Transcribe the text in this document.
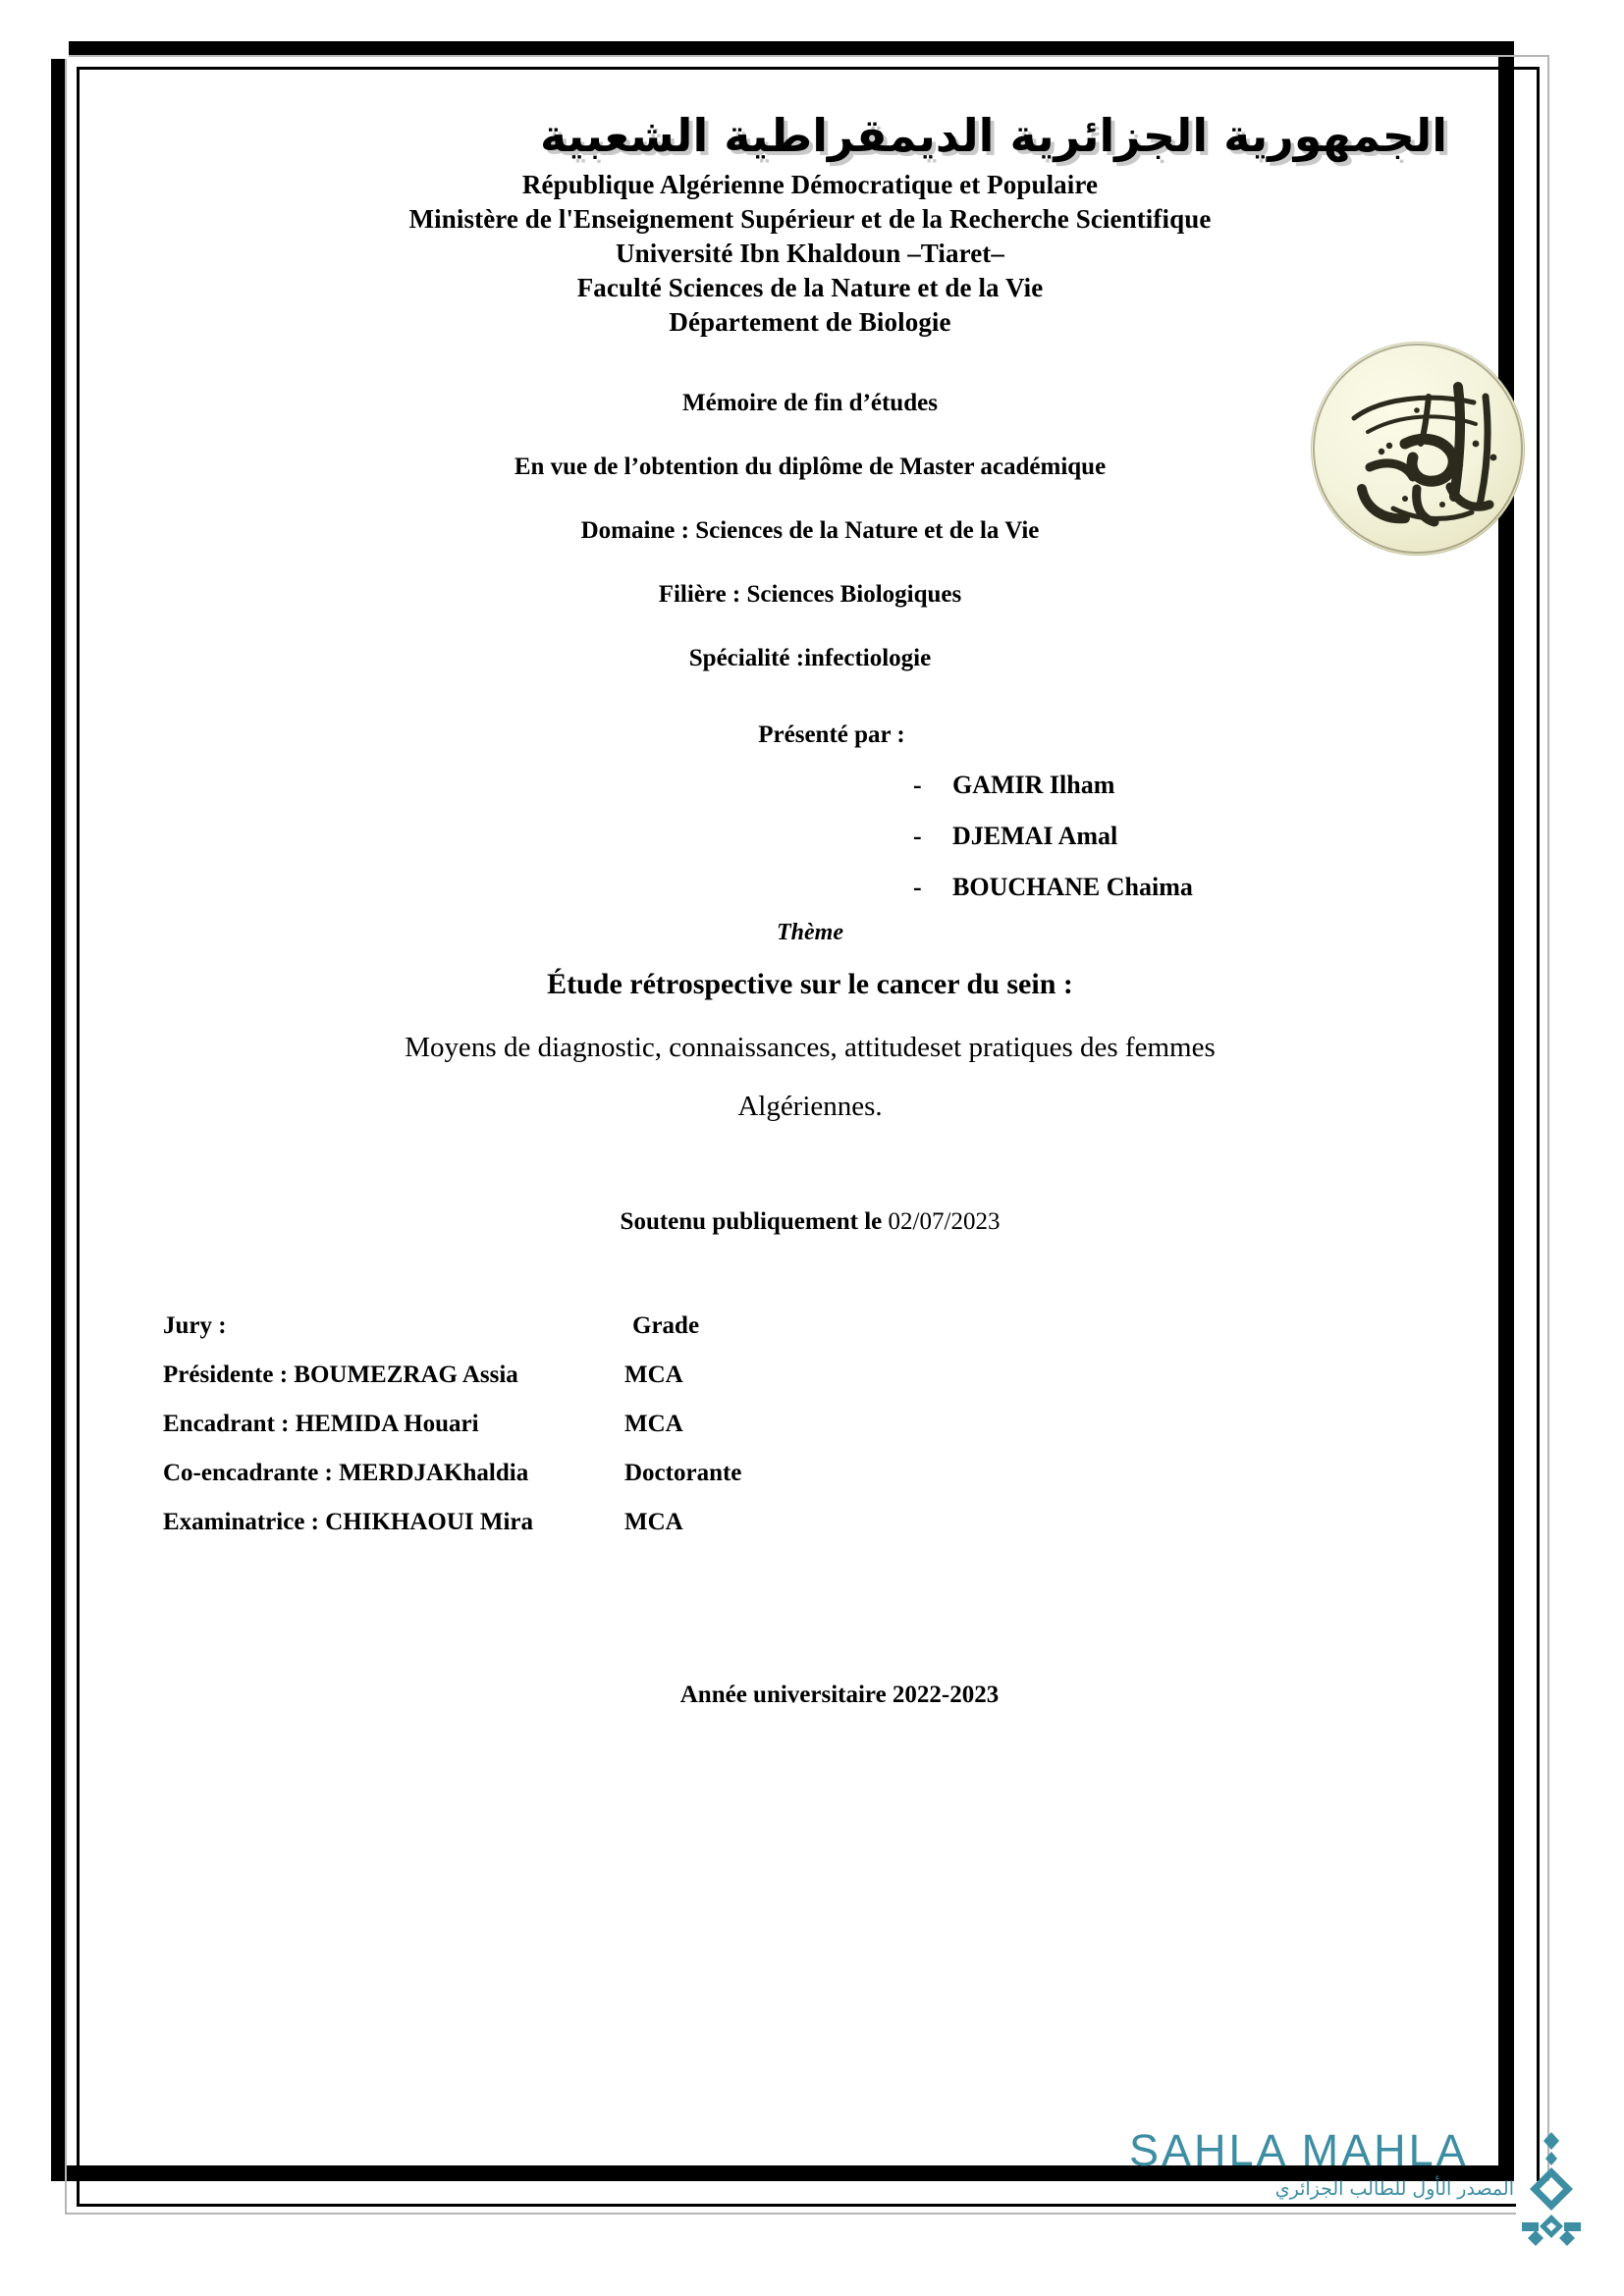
الجمهورية الجزائرية الديمقراطية الشعبية
République Algérienne Démocratique et Populaire
Ministère de l'Enseignement Supérieur et de la Recherche Scientifique
Université Ibn Khaldoun –Tiaret–
Faculté Sciences de la Nature et de la Vie
Département de Biologie
Mémoire de fin d’études
En vue de l’obtention du diplôme de Master académique
Domaine : Sciences de la Nature et de la Vie
Filière : Sciences Biologiques
Spécialité :infectiologie
Présenté par :
- GAMIR Ilham
- DJEMAI Amal
- BOUCHANE Chaima
Thème
Étude rétrospective sur le cancer du sein :
Moyens de diagnostic, connaissances, attitudeset pratiques des femmes
Algériennes.
Soutenu publiquement le 02/07/2023
Jury :	Grade
Présidente : BOUMEZRAG Assia	MCA
Encadrant : HEMIDA Houari	MCA
Co-encadrante : MERDJAKhaldia	Doctorante
Examinatrice : CHIKHAOUI Mira	MCA
Année universitaire 2022-2023
SAHLA MAHLA
المصدر الأول للطالب الجزائري
